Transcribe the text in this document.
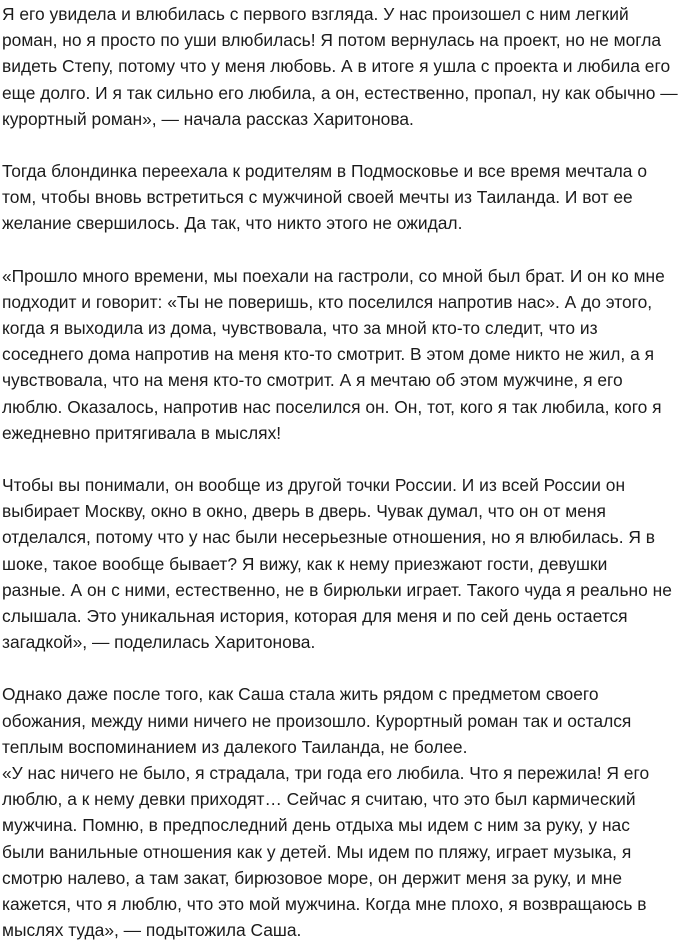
Я его увидела и влюбилась с первого взгляда. У нас произошел с ним легкий
роман, но я просто по уши влюбилась! Я потом вернулась на проект, но не могла
видеть Степу, потому что у меня любовь. А в итоге я ушла с проекта и любила его
еще долго. И я так сильно его любила, а он, естественно, пропал, ну как обычно —
курортный роман», — начала рассказ Харитонова.

Тогда блондинка переехала к родителям в Подмосковье и все время мечтала о
том, чтобы вновь встретиться с мужчиной своей мечты из Таиланда. И вот ее
желание свершилось. Да так, что никто этого не ожидал.

«Прошло много времени, мы поехали на гастроли, со мной был брат. И он ко мне
подходит и говорит: «Ты не поверишь, кто поселился напротив нас». А до этого,
когда я выходила из дома, чувствовала, что за мной кто-то следит, что из
соседнего дома напротив на меня кто-то смотрит. В этом доме никто не жил, а я
чувствовала, что на меня кто-то смотрит. А я мечтаю об этом мужчине, я его
люблю. Оказалось, напротив нас поселился он. Он, тот, кого я так любила, кого я
ежедневно притягивала в мыслях!

Чтобы вы понимали, он вообще из другой точки России. И из всей России он
выбирает Москву, окно в окно, дверь в дверь. Чувак думал, что он от меня
отделался, потому что у нас были несерьезные отношения, но я влюбилась. Я в
шоке, такое вообще бывает? Я вижу, как к нему приезжают гости, девушки
разные. А он с ними, естественно, не в бирюльки играет. Такого чуда я реально не
слышала. Это уникальная история, которая для меня и по сей день остается
загадкой», — поделилась Харитонова.

Однако даже после того, как Саша стала жить рядом с предметом своего
обожания, между ними ничего не произошло. Курортный роман так и остался
теплым воспоминанием из далекого Таиланда, не более.

«У нас ничего не было, я страдала, три года его любила. Что я пережила! Я его
люблю, а к нему девки приходят… Сейчас я считаю, что это был кармический
мужчина. Помню, в предпоследний день отдыха мы идем с ним за руку, у нас
были ванильные отношения как у детей. Мы идем по пляжу, играет музыка, я
смотрю налево, а там закат, бирюзовое море, он держит меня за руку, и мне
кажется, что я люблю, что это мой мужчина. Когда мне плохо, я возвращаюсь в
мыслях туда», — подытожила Саша.
